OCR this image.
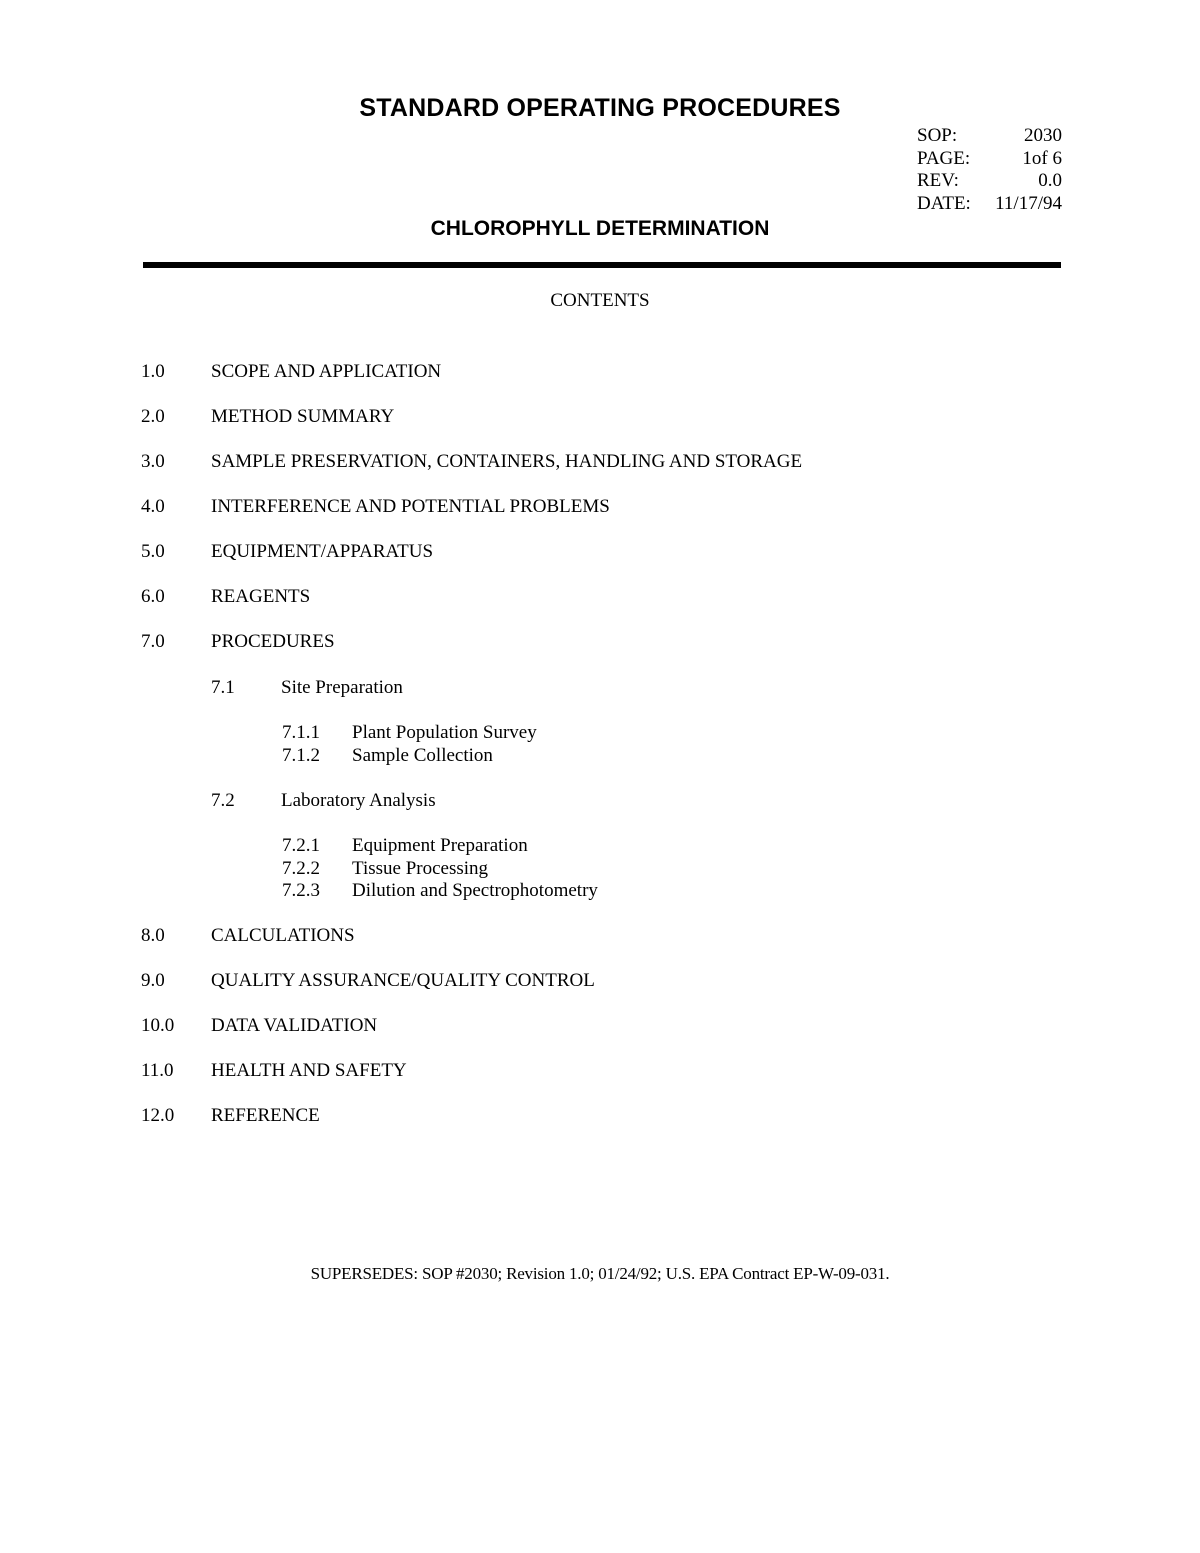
STANDARD OPERATING PROCEDURES
SOP:	2030
PAGE:	1of 6
REV:	0.0
DATE: 11/17/94
CHLOROPHYLL DETERMINATION
CONTENTS
1.0 SCOPE AND APPLICATION
2.0 METHOD SUMMARY
3.0 SAMPLE PRESERVATION, CONTAINERS, HANDLING AND STORAGE
4.0 INTERFERENCE AND POTENTIAL PROBLEMS
5.0 EQUIPMENT/APPARATUS
6.0 REAGENTS
7.0 PROCEDURES
7.1 Site Preparation
7.1.1 Plant Population Survey
7.1.2 Sample Collection
7.2 Laboratory Analysis
7.2.1 Equipment Preparation
7.2.2 Tissue Processing
7.2.3 Dilution and Spectrophotometry
8.0 CALCULATIONS
9.0 QUALITY ASSURANCE/QUALITY CONTROL
10.0 DATA VALIDATION
11.0 HEALTH AND SAFETY
12.0 REFERENCE
SUPERSEDES: SOP #2030; Revision 1.0; 01/24/92; U.S. EPA Contract EP-W-09-031.
